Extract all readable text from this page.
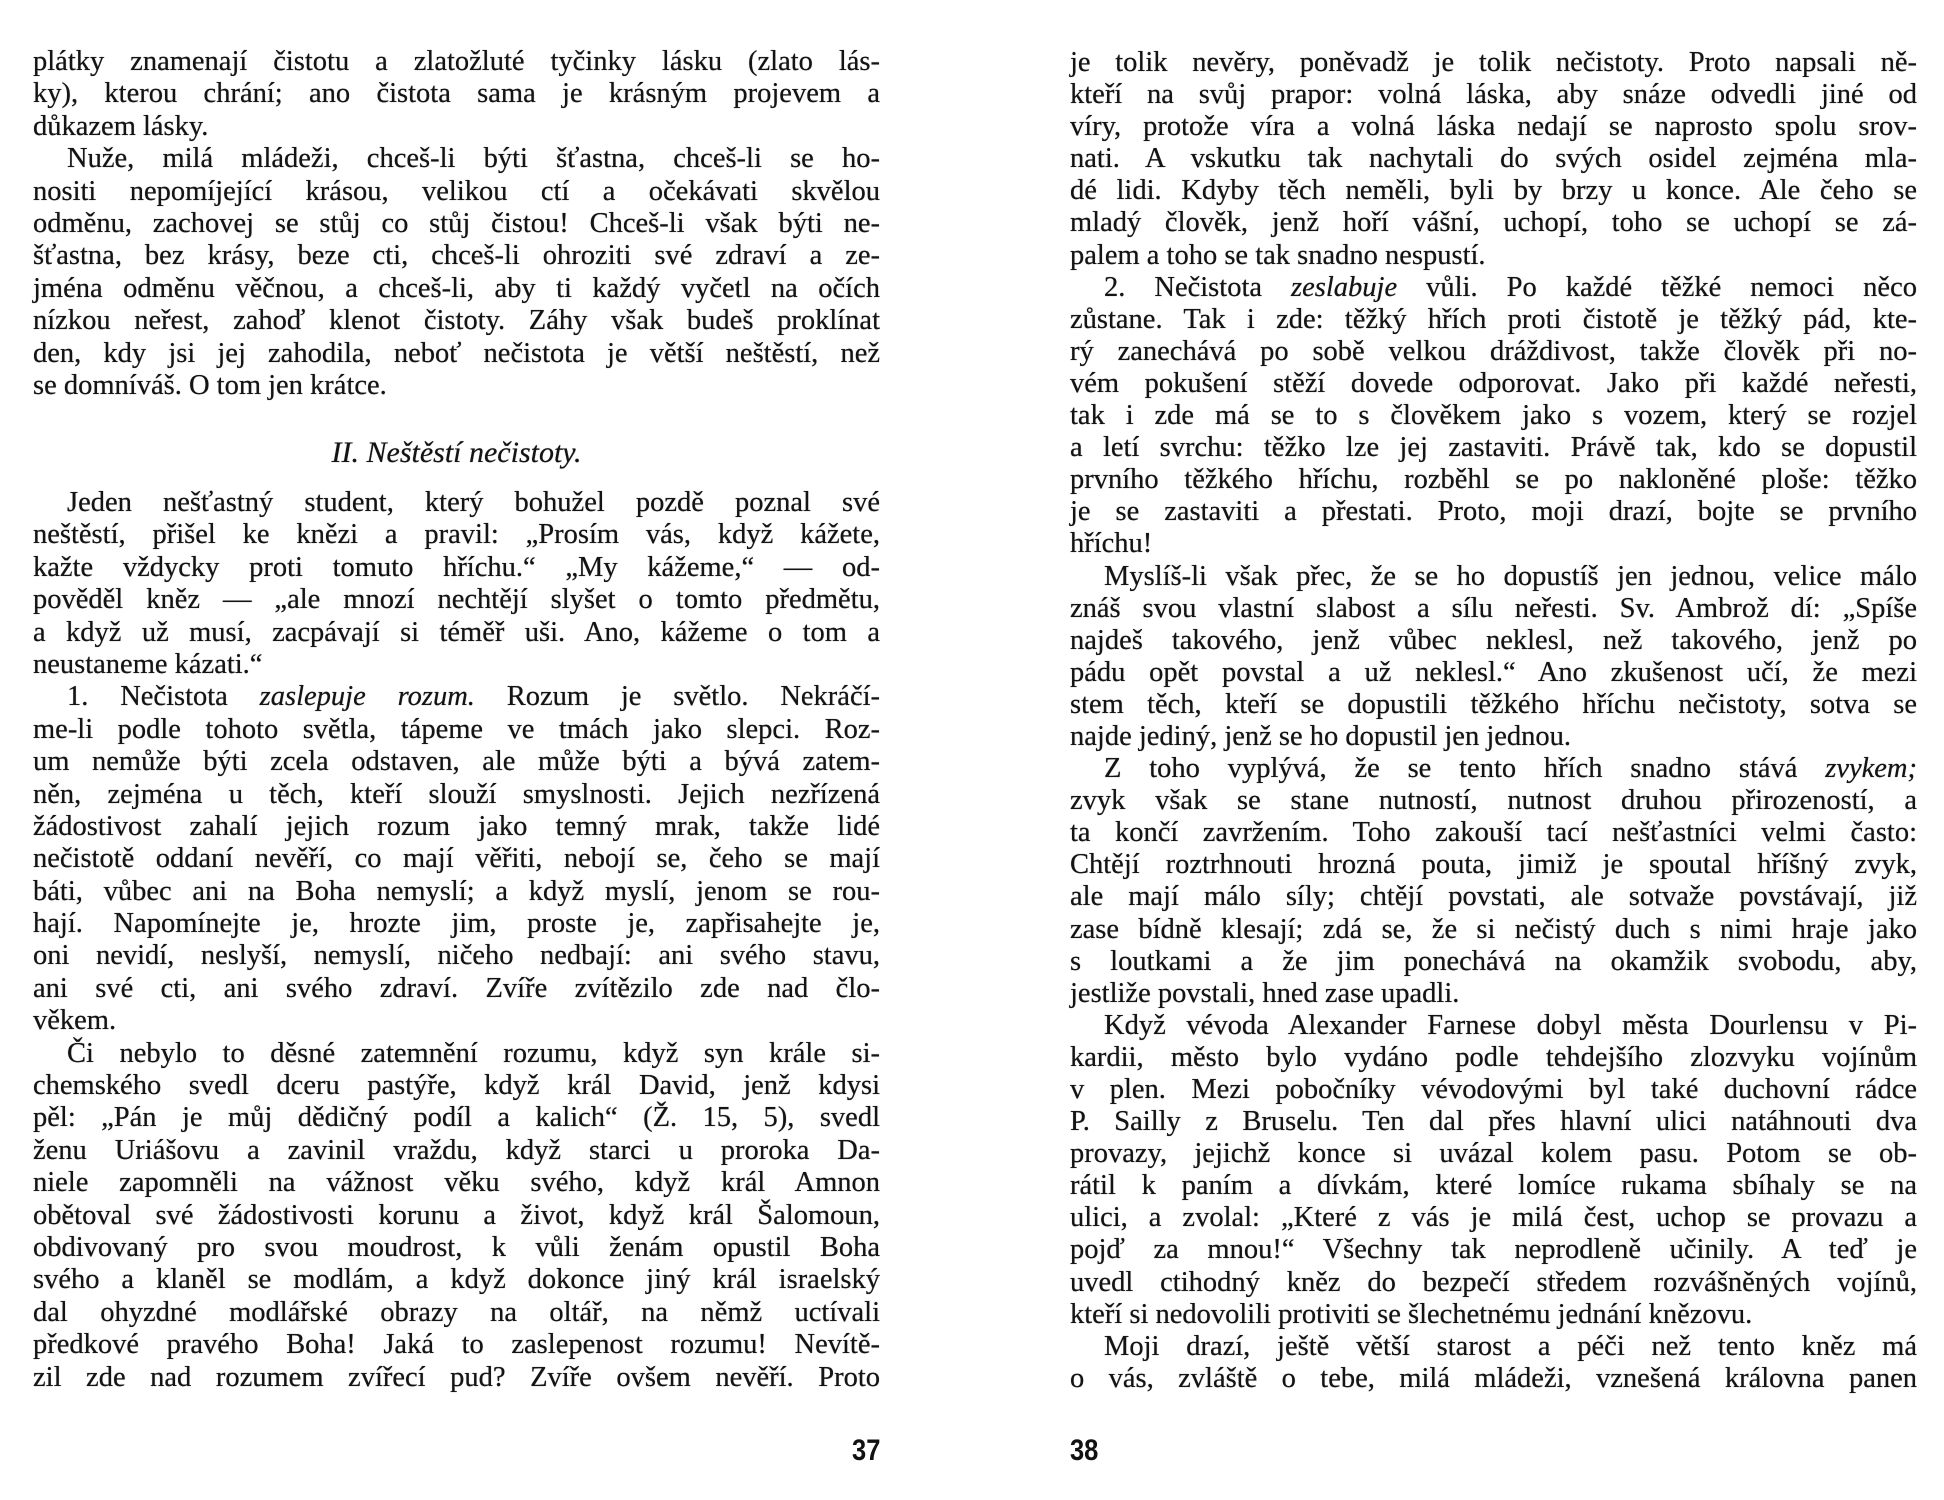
plátky znamenají čistotu a zlatožluté tyčinky lásku (zlato lás-
ky), kterou chrání; ano čistota sama je krásným projevem a
důkazem lásky.
Nuže, milá mládeži, chceš-li býti šťastna, chceš-li se ho-
nositi nepomíjející krásou, velikou ctí a očekávati skvělou
odměnu, zachovej se stůj co stůj čistou! Chceš-li však býti ne-
šťastna, bez krásy, beze cti, chceš-li ohroziti své zdraví a ze-
jména odměnu věčnou, a chceš-li, aby ti každý vyčetl na očích
nízkou neřest, zahoď klenot čistoty. Záhy však budeš proklínat
den, kdy jsi jej zahodila, neboť nečistota je větší neštěstí, než
se domníváš. O tom jen krátce.
II. Neštěstí nečistoty.
Jeden nešťastný student, který bohužel pozdě poznal své
neštěstí, přišel ke knězi a pravil: „Prosím vás, když kážete,
kažte vždycky proti tomuto hříchu.“ „My kážeme,“ — od-
pověděl kněz — „ale mnozí nechtějí slyšet o tomto předmětu,
a když už musí, zacpávají si téměř uši. Ano, kážeme o tom a
neustaneme kázati.“
1. Nečistota zaslepuje rozum. Rozum je světlo. Nekráčí-
me-li podle tohoto světla, tápeme ve tmách jako slepci. Roz-
um nemůže býti zcela odstaven, ale může býti a bývá zatem-
něn, zejména u těch, kteří slouží smyslnosti. Jejich nezřízená
žádostivost zahalí jejich rozum jako temný mrak, takže lidé
nečistotě oddaní nevěří, co mají věřiti, nebojí se, čeho se mají
báti, vůbec ani na Boha nemyslí; a když myslí, jenom se rou-
hají. Napomínejte je, hrozte jim, proste je, zapřisahejte je,
oni nevidí, neslyší, nemyslí, ničeho nedbají: ani svého stavu,
ani své cti, ani svého zdraví. Zvíře zvítězilo zde nad člo-
věkem.
Či nebylo to děsné zatemnění rozumu, když syn krále si-
chemského svedl dceru pastýře, když král David, jenž kdysi
pěl: „Pán je můj dědičný podíl a kalich“ (Ž. 15, 5), svedl
ženu Uriášovu a zavinil vraždu, když starci u proroka Da-
niele zapomněli na vážnost věku svého, když král Amnon
obětoval své žádostivosti korunu a život, když král Šalomoun,
obdivovaný pro svou moudrost, k vůli ženám opustil Boha
svého a klaněl se modlám, a když dokonce jiný král israelský
dal ohyzdné modlářské obrazy na oltář, na němž uctívali
předkové pravého Boha! Jaká to zaslepenost rozumu! Nevítě-
zil zde nad rozumem zvířecí pud? Zvíře ovšem nevěří. Proto
37
je tolik nevěry, poněvadž je tolik nečistoty. Proto napsali ně-
kteří na svůj prapor: volná láska, aby snáze odvedli jiné od
víry, protože víra a volná láska nedají se naprosto spolu srov-
nati. A vskutku tak nachytali do svých osidel zejména mla-
dé lidi. Kdyby těch neměli, byli by brzy u konce. Ale čeho se
mladý člověk, jenž hoří vášní, uchopí, toho se uchopí se zá-
palem a toho se tak snadno nespustí.
2. Nečistota zeslabuje vůli. Po každé těžké nemoci něco
zůstane. Tak i zde: těžký hřích proti čistotě je těžký pád, kte-
rý zanechává po sobě velkou dráždivost, takže člověk při no-
vém pokušení stěží dovede odporovat. Jako při každé neřesti,
tak i zde má se to s člověkem jako s vozem, který se rozjel
a letí svrchu: těžko lze jej zastaviti. Právě tak, kdo se dopustil
prvního těžkého hříchu, rozběhl se po nakloněné ploše: těžko
je se zastaviti a přestati. Proto, moji drazí, bojte se prvního
hříchu!
Myslíš-li však přec, že se ho dopustíš jen jednou, velice málo
znáš svou vlastní slabost a sílu neřesti. Sv. Ambrož dí: „Spíše
najdeš takového, jenž vůbec neklesl, než takového, jenž po
pádu opět povstal a už neklesl.“ Ano zkušenost učí, že mezi
stem těch, kteří se dopustili těžkého hříchu nečistoty, sotva se
najde jediný, jenž se ho dopustil jen jednou.
Z toho vyplývá, že se tento hřích snadno stává zvykem;
zvyk však se stane nutností, nutnost druhou přirozeností, a
ta končí zavržením. Toho zakouší tací nešťastníci velmi často:
Chtějí roztrhnouti hrozná pouta, jimiž je spoutal hříšný zvyk,
ale mají málo síly; chtějí povstati, ale sotvaže povstávají, již
zase bídně klesají; zdá se, že si nečistý duch s nimi hraje jako
s loutkami a že jim ponechává na okamžik svobodu, aby,
jestliže povstali, hned zase upadli.
Když vévoda Alexander Farnese dobyl města Dourlensu v Pi-
kardii, město bylo vydáno podle tehdejšího zlozvyku vojínům
v plen. Mezi pobočníky vévodovými byl také duchovní rádce
P. Sailly z Bruselu. Ten dal přes hlavní ulici natáhnouti dva
provazy, jejichž konce si uvázal kolem pasu. Potom se ob-
rátil k paním a dívkám, které lomíce rukama sbíhaly se na
ulici, a zvolal: „Které z vás je milá čest, uchop se provazu a
pojď za mnou!“ Všechny tak neprodleně učinily. A teď je
uvedl ctihodný kněz do bezpečí středem rozvášněných vojínů,
kteří si nedovolili protiviti se šlechetnému jednání knězovu.
Moji drazí, ještě větší starost a péči než tento kněz má
o vás, zvláště o tebe, milá mládeži, vznešená královna panen
38
